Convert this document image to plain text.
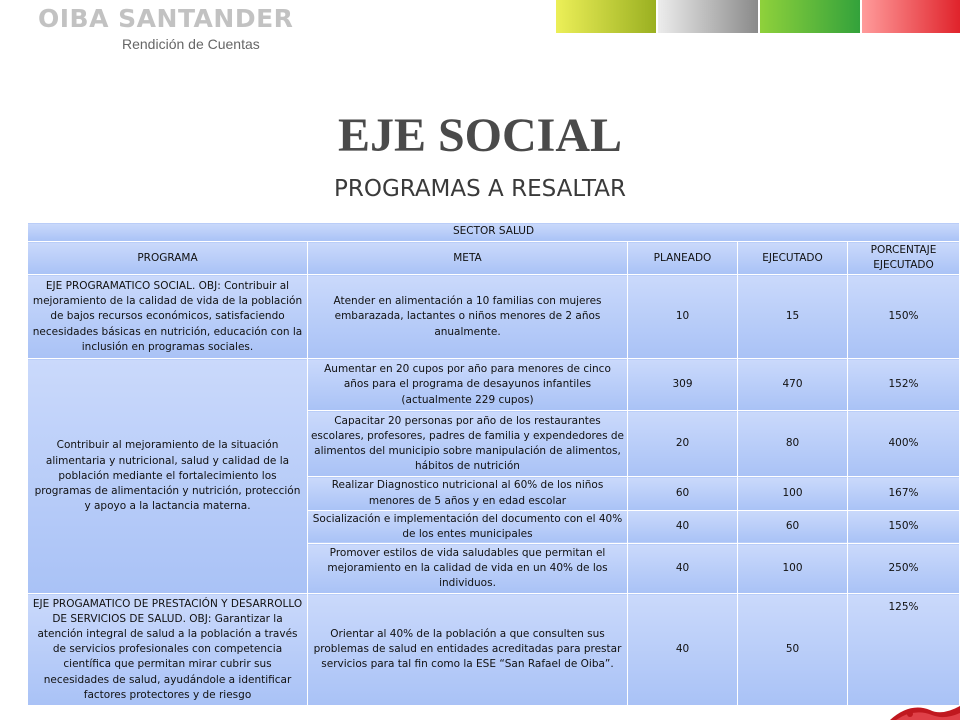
OIBA SANTANDER
Rendición de Cuentas
EJE SOCIAL
PROGRAMAS A RESALTAR
SECTOR SALUD				
PROGRAMA	META	PLANEADO	EJECUTADO	PORCENTAJE EJECUTADO
EJE PROGRAMATICO SOCIAL. OBJ: Contribuir al mejoramiento de la calidad de vida de la población de bajos recursos económicos, satisfaciendo necesidades básicas en nutrición, educación con la inclusión en programas sociales.	Atender en alimentación a 10 familias con mujeres embarazada, lactantes o niños menores de 2 años anualmente.	10	15	150%
Contribuir al mejoramiento de la situación alimentaria y nutricional, salud y calidad de la población mediante el fortalecimiento los programas de alimentación y nutrición, protección y apoyo a la lactancia materna.	Aumentar en 20 cupos por año para menores de cinco años para el programa de desayunos infantiles (actualmente 229 cupos)	309	470	152%
	Capacitar 20 personas por año de los restaurantes escolares, profesores, padres de familia y expendedores de alimentos del municipio sobre manipulación de alimentos, hábitos de nutrición	20	80	400%
	Realizar Diagnostico nutricional al 60% de los niños menores de 5 años y en edad escolar	60	100	167%
	Socialización e implementación del documento con el 40% de los entes municipales	40	60	150%
	Promover estilos de vida saludables que permitan el mejoramiento en la calidad de vida en un 40% de los individuos.	40	100	250%
EJE PROGAMATICO DE PRESTACIÓN Y DESARROLLO DE SERVICIOS DE SALUD. OBJ: Garantizar la atención integral de salud a la población a través de servicios profesionales con competencia científica que permitan mirar cubrir sus necesidades de salud, ayudándole a identificar factores protectores y de riesgo	Orientar al 40% de la población a que consulten sus problemas de salud en entidades acreditadas para prestar servicios para tal fin como la ESE “San Rafael de Oiba”.	40	50	125%
